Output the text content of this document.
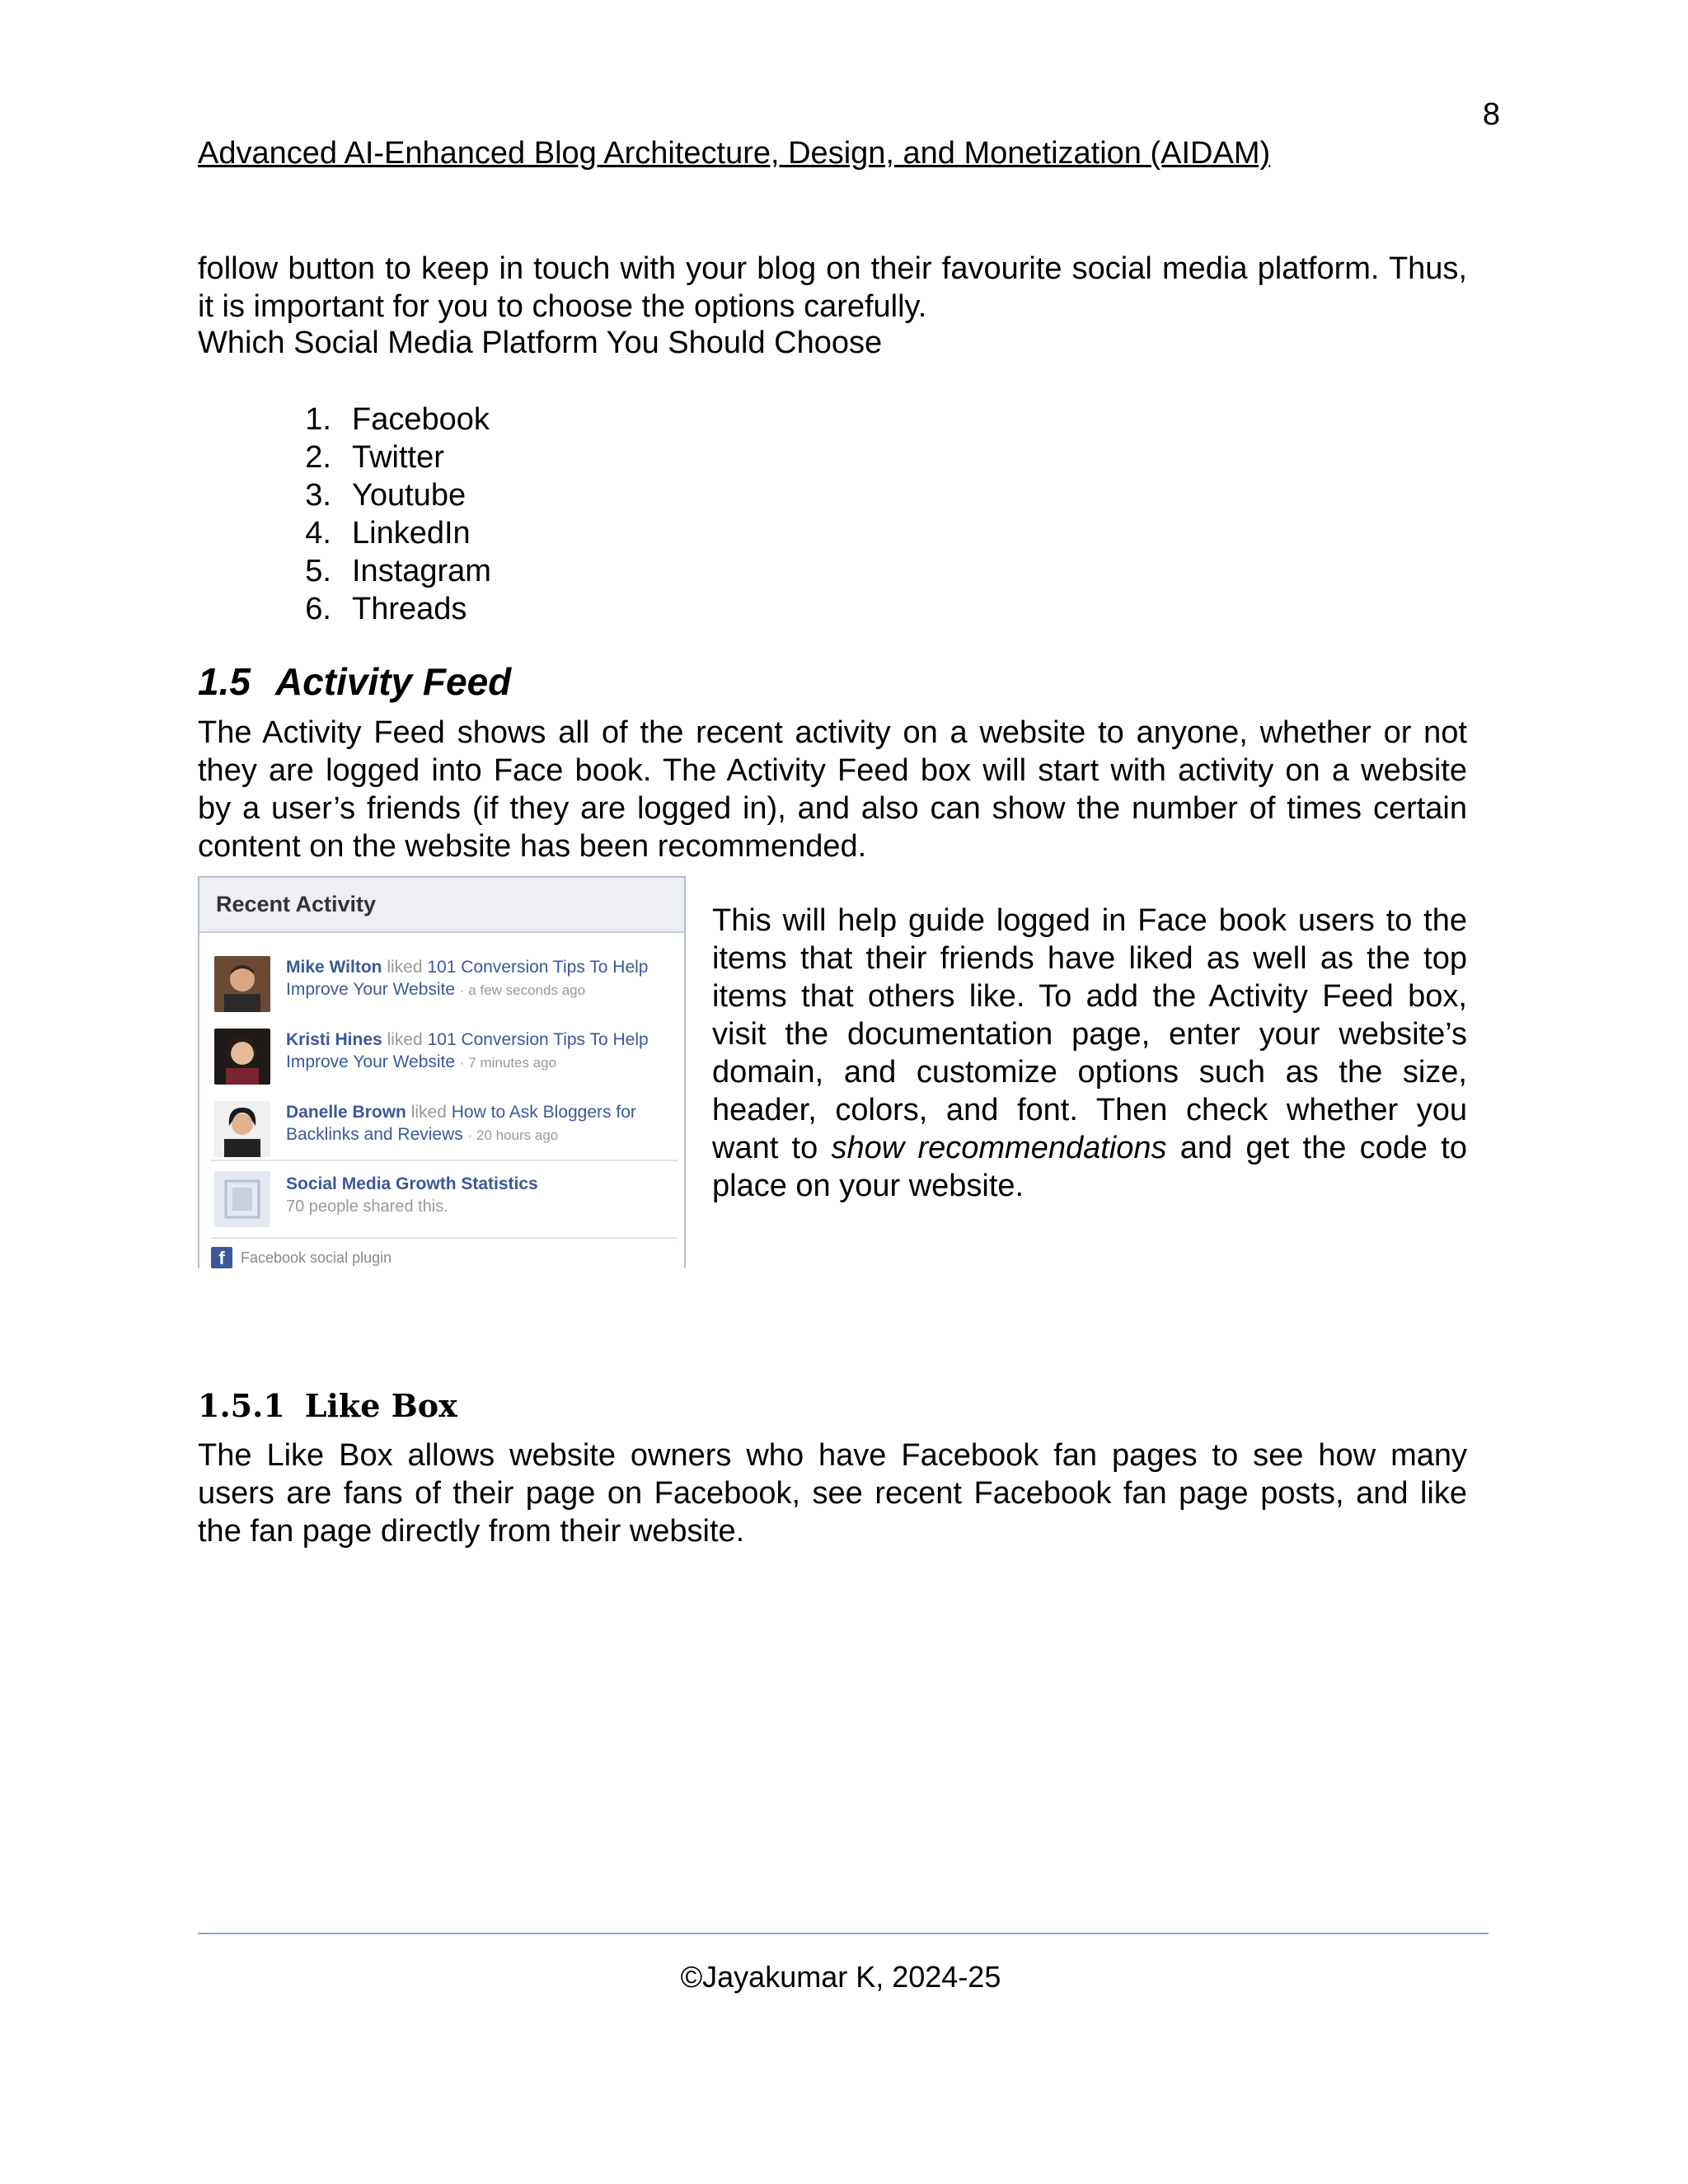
8
Advanced AI-Enhanced Blog Architecture, Design, and Monetization (AIDAM)
follow button to keep in touch with your blog on their favourite social media platform. Thus,
it is important for you to choose the options carefully.
Which Social Media Platform You Should Choose
1. Facebook
2. Twitter
3. Youtube
4. LinkedIn
5. Instagram
6. Threads
1.5 Activity Feed
The Activity Feed shows all of the recent activity on a website to anyone, whether or not
they are logged into Face book. The Activity Feed box will start with activity on a website
by a user’s friends (if they are logged in), and also can show the number of times certain
content on the website has been recommended.
Recent Activity
Mike Wilton liked 101 Conversion Tips To Help
Improve Your Website · a few seconds ago
Kristi Hines liked 101 Conversion Tips To Help
Improve Your Website · 7 minutes ago
Danelle Brown liked How to Ask Bloggers for
Backlinks and Reviews · 20 hours ago
Social Media Growth Statistics
70 people shared this.
f	Facebook social plugin
This will help guide logged in Face book users to the
items that their friends have liked as well as the top
items that others like. To add the Activity Feed box,
visit the documentation page, enter your website’s
domain, and customize options such as the size,
header, colors, and font. Then check whether you
want to show recommendations and get the code to
place on your website.
1.5.1 Like Box
The Like Box allows website owners who have Facebook fan pages to see how many
users are fans of their page on Facebook, see recent Facebook fan page posts, and like
the fan page directly from their website.
©Jayakumar K, 2024-25
